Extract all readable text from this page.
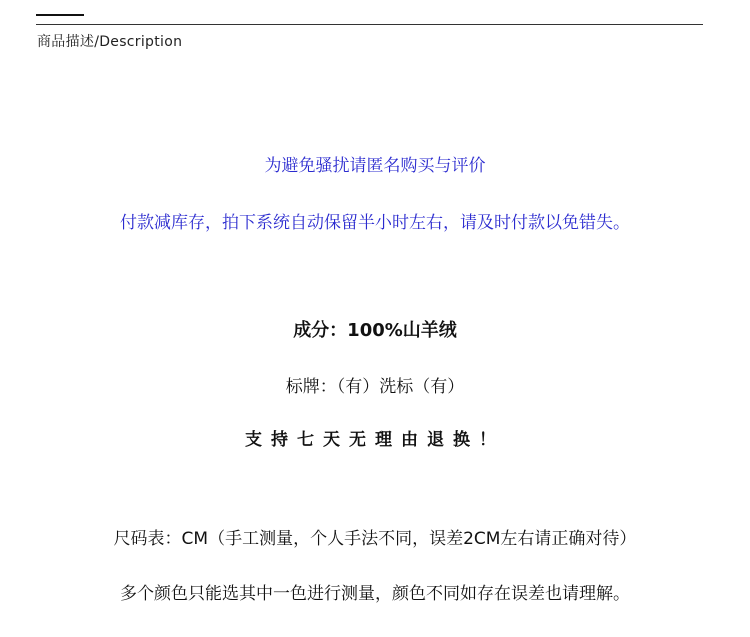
商品描述/Description
为避免骚扰请匿名购买与评价
付款减库存，拍下系统自动保留半小时左右，请及时付款以免错失。
成分：100%山羊绒
标牌：（有）洗标（有）
支持七天无理由退换！
尺码表：CM（手工测量，个人手法不同，误差2CM左右请正确对待）
多个颜色只能选其中一色进行测量，颜色不同如存在误差也请理解。
